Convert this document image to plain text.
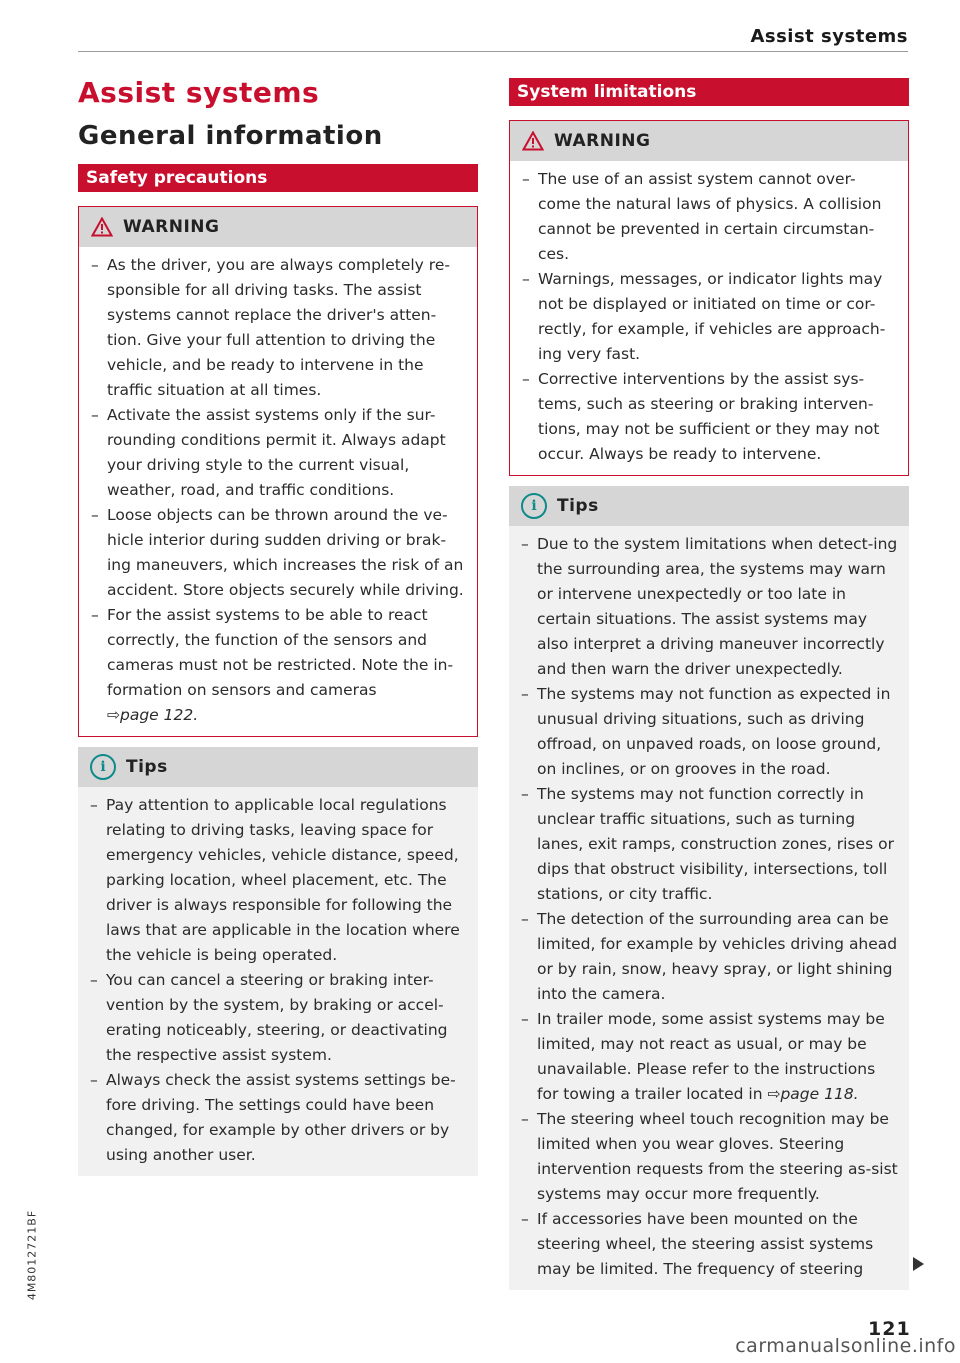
Assist systems
4M8012721BF
Assist systems
General information
Safety precautions
WARNING
– As the driver, you are always completely re-sponsible for all driving tasks. The assist systems cannot replace the driver's atten-tion. Give your full attention to driving the vehicle, and be ready to intervene in the traffic situation at all times.
– Activate the assist systems only if the sur-rounding conditions permit it. Always adapt your driving style to the current visual, weather, road, and traffic conditions.
– Loose objects can be thrown around the ve-hicle interior during sudden driving or brak-ing maneuvers, which increases the risk of an accident. Store objects securely while driving.
– For the assist systems to be able to react correctly, the function of the sensors and cameras must not be restricted. Note the in-formation on sensors and cameras
⇨page 122.
i	Tips
– Pay attention to applicable local regulations relating to driving tasks, leaving space for emergency vehicles, vehicle distance, speed, parking location, wheel placement, etc. The driver is always responsible for following the laws that are applicable in the location where the vehicle is being operated.
– You can cancel a steering or braking inter-vention by the system, by braking or accel-erating noticeably, steering, or deactivating the respective assist system.
– Always check the assist systems settings be-fore driving. The settings could have been changed, for example by other drivers or by using another user.
System limitations
WARNING
– The use of an assist system cannot over-come the natural laws of physics. A collision cannot be prevented in certain circumstan-ces.
– Warnings, messages, or indicator lights may not be displayed or initiated on time or cor-rectly, for example, if vehicles are approach-ing very fast.
– Corrective interventions by the assist sys-tems, such as steering or braking interven-tions, may not be sufficient or they may not occur. Always be ready to intervene.
i	Tips
– Due to the system limitations when detect-ing the surrounding area, the systems may warn or intervene unexpectedly or too late in certain situations. The assist systems may also interpret a driving maneuver incorrectly and then warn the driver unexpectedly.
– The systems may not function as expected in unusual driving situations, such as driving offroad, on unpaved roads, on loose ground, on inclines, or on grooves in the road.
– The systems may not function correctly in unclear traffic situations, such as turning lanes, exit ramps, construction zones, rises or dips that obstruct visibility, intersections, toll stations, or city traffic.
– The detection of the surrounding area can be limited, for example by vehicles driving ahead or by rain, snow, heavy spray, or light shining into the camera.
– In trailer mode, some assist systems may be limited, may not react as usual, or may be unavailable. Please refer to the instructions for towing a trailer located in ⇨page 118.
– The steering wheel touch recognition may be limited when you wear gloves. Steering intervention requests from the steering as-sist systems may occur more frequently.
– If accessories have been mounted on the steering wheel, the steering assist systems may be limited. The frequency of steering
121
carmanualsonline.info
